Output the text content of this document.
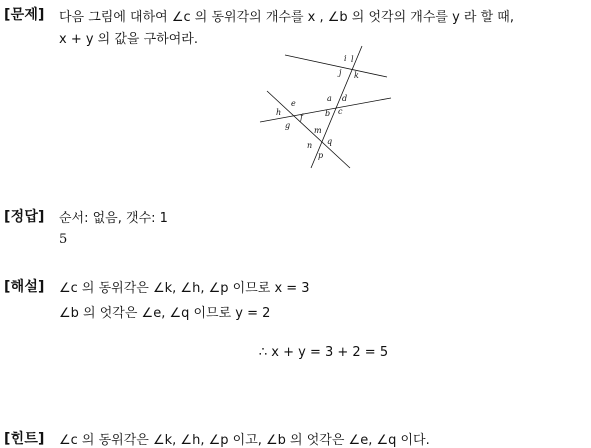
[문제] 다음 그림에 대하여 ∠c 의 동위각의 개수를 x , ∠b 의 엇각의 개수를 y 라 할 때,
x + y 의 값을 구하여라.
i
j
l
k
a d
b c
e
h
f
g
m
q
n
p
[정답] 순서: 없음, 갯수: 1
5
[해설] ∠c 의 동위각은 ∠k, ∠h, ∠p 이므로 x = 3
∠b 의 엇각은 ∠e, ∠q 이므로 y = 2
∴ x + y = 3 + 2 = 5
[힌트] ∠c 의 동위각은 ∠k, ∠h, ∠p 이고, ∠b 의 엇각은 ∠e, ∠q 이다.
